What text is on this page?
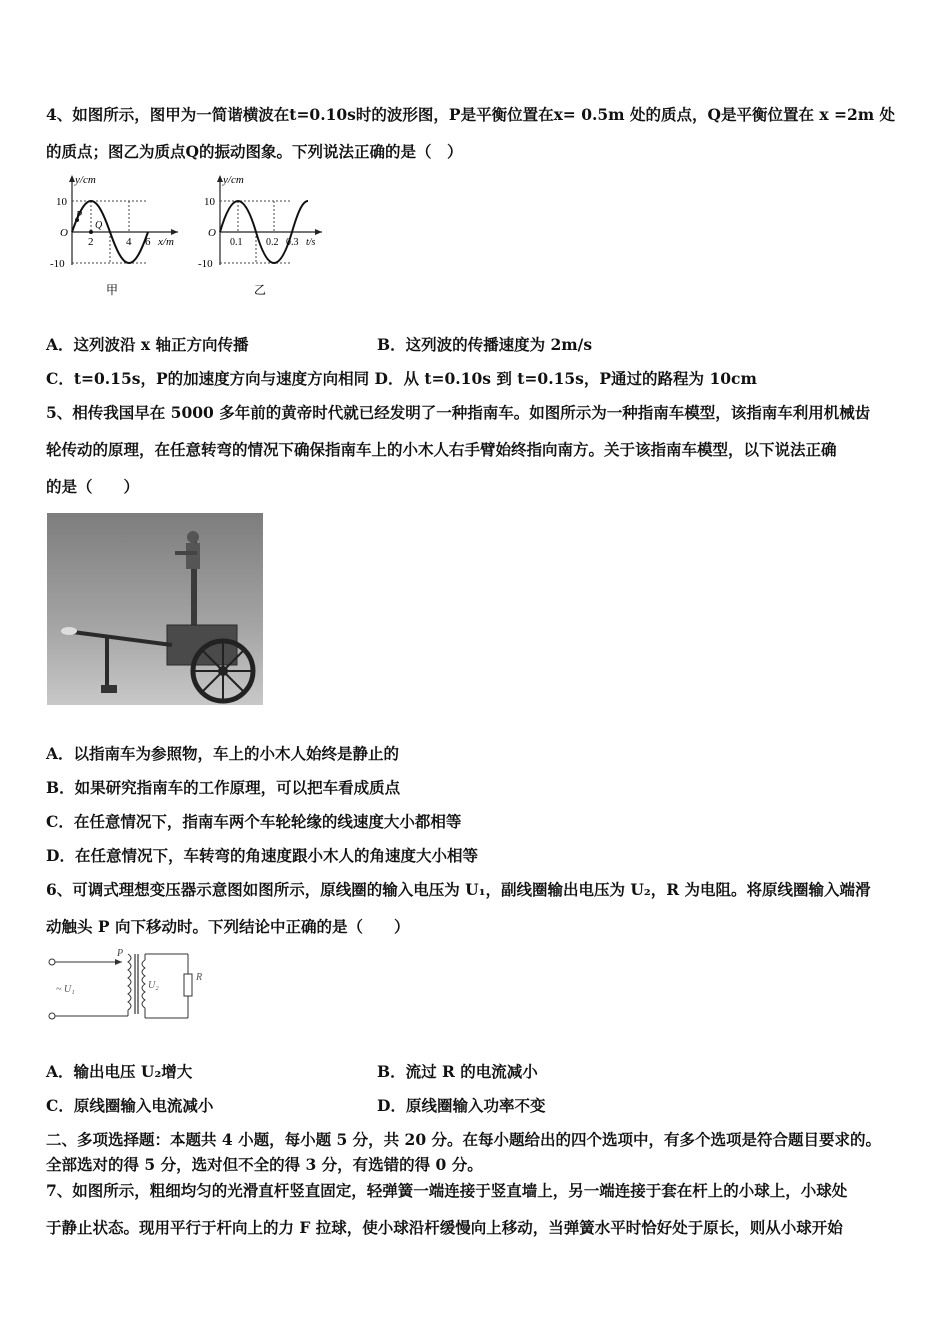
4、如图所示，图甲为一简谐横波在t=0.10s时的波形图，P是平衡位置在x= 0.5m 处的质点，Q是平衡位置在 x =2m 处
的质点；图乙为质点Q的振动图象。下列说法正确的是（　）
y/cm
10
-10
O
2	4 6 x/m
P
Q
甲
y/cm
10
-10
O
0.1 0.2 0.3 t/s
乙
A．这列波沿 x 轴正方向传播	B．这列波的传播速度为 2m/s
C．t=0.15s，P的加速度方向与速度方向相同 D．从 t=0.10s 到 t=0.15s，P通过的路程为 10cm
5、相传我国早在 5000 多年前的黄帝时代就已经发明了一种指南车。如图所示为一种指南车模型，该指南车利用机械齿
轮传动的原理，在任意转弯的情况下确保指南车上的小木人右手臂始终指向南方。关于该指南车模型，以下说法正确
的是（　　）
A．以指南车为参照物，车上的小木人始终是静止的
B．如果研究指南车的工作原理，可以把车看成质点
C．在任意情况下，指南车两个车轮轮缘的线速度大小都相等
D．在任意情况下，车转弯的角速度跟小木人的角速度大小相等
6、可调式理想变压器示意图如图所示，原线圈的输入电压为 U₁，副线圈输出电压为 U₂，R 为电阻。将原线圈输入端滑
动触头 P 向下移动时。下列结论中正确的是（　　）
P
~ U₁	U₂
R
A．输出电压 U₂增大	B．流过 R 的电流减小
C．原线圈输入电流减小	D．原线圈输入功率不变
二、多项选择题：本题共 4 小题，每小题 5 分，共 20 分。在每小题给出的四个选项中，有多个选项是符合题目要求的。
全部选对的得 5 分，选对但不全的得 3 分，有选错的得 0 分。
7、如图所示，粗细均匀的光滑直杆竖直固定，轻弹簧一端连接于竖直墙上，另一端连接于套在杆上的小球上，小球处
于静止状态。现用平行于杆向上的力 F 拉球，使小球沿杆缓慢向上移动，当弹簧水平时恰好处于原长，则从小球开始
